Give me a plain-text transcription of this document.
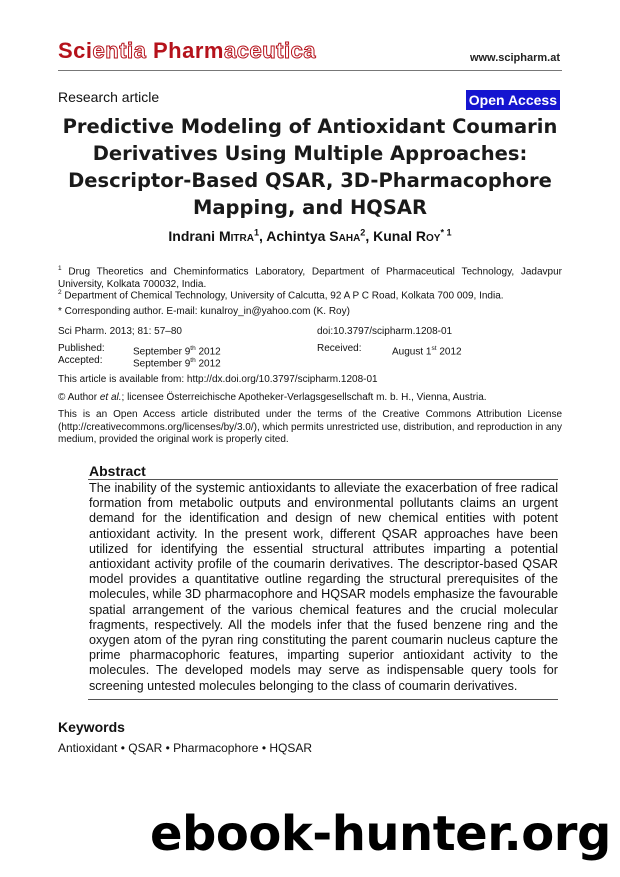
Scientia Pharmaceutica	www.scipharm.at
Research article	Open Access
Predictive Modeling of Antioxidant Coumarin Derivatives Using Multiple Approaches: Descriptor-Based QSAR, 3D-Pharmacophore Mapping, and HQSAR
Indrani Mitra$^1$, Achintya Saha$^2$, Kunal Roy$^{* 1}$
$^1$ Drug Theoretics and Cheminformatics Laboratory, Department of Pharmaceutical Technology, Jadavpur University, Kolkata 700032, India.
$^2$ Department of Chemical Technology, University of Calcutta, 92 A P C Road, Kolkata 700 009, India.
* Corresponding author. E-mail: kunalroy_in@yahoo.com (K. Roy)
Sci Pharm. 2013; 81: 57–80	doi:10.3797/scipharm.1208-01
Published:	September 9th 2012
Accepted:	September 9th 2012
Received:	August 1st 2012
This article is available from: http://dx.doi.org/10.3797/scipharm.1208-01
© Author et al.; licensee Österreichische Apotheker-Verlagsgesellschaft m. b. H., Vienna, Austria.
This is an Open Access article distributed under the terms of the Creative Commons Attribution License (http://creativecommons.org/licenses/by/3.0/), which permits unrestricted use, distribution, and reproduction in any medium, provided the original work is properly cited.
Abstract
The inability of the systemic antioxidants to alleviate the exacerbation of free radical formation from metabolic outputs and environmental pollutants claims an urgent demand for the identification and design of new chemical entities with potent antioxidant activity. In the present work, different QSAR approaches have been utilized for identifying the essential structural attributes imparting a potential antioxidant activity profile of the coumarin derivatives. The descriptor-based QSAR model provides a quantitative outline regarding the structural prerequisites of the molecules, while 3D pharmacophore and HQSAR models emphasize the favourable spatial arrangement of the various chemical features and the crucial molecular fragments, respectively. All the models infer that the fused benzene ring and the oxygen atom of the pyran ring constituting the parent coumarin nucleus capture the prime pharmacophoric features, imparting superior antioxidant activity to the molecules. The developed models may serve as indispensable query tools for screening untested molecules belonging to the class of coumarin derivatives.
Keywords
Antioxidant • QSAR • Pharmacophore • HQSAR
ebook-hunter.org
